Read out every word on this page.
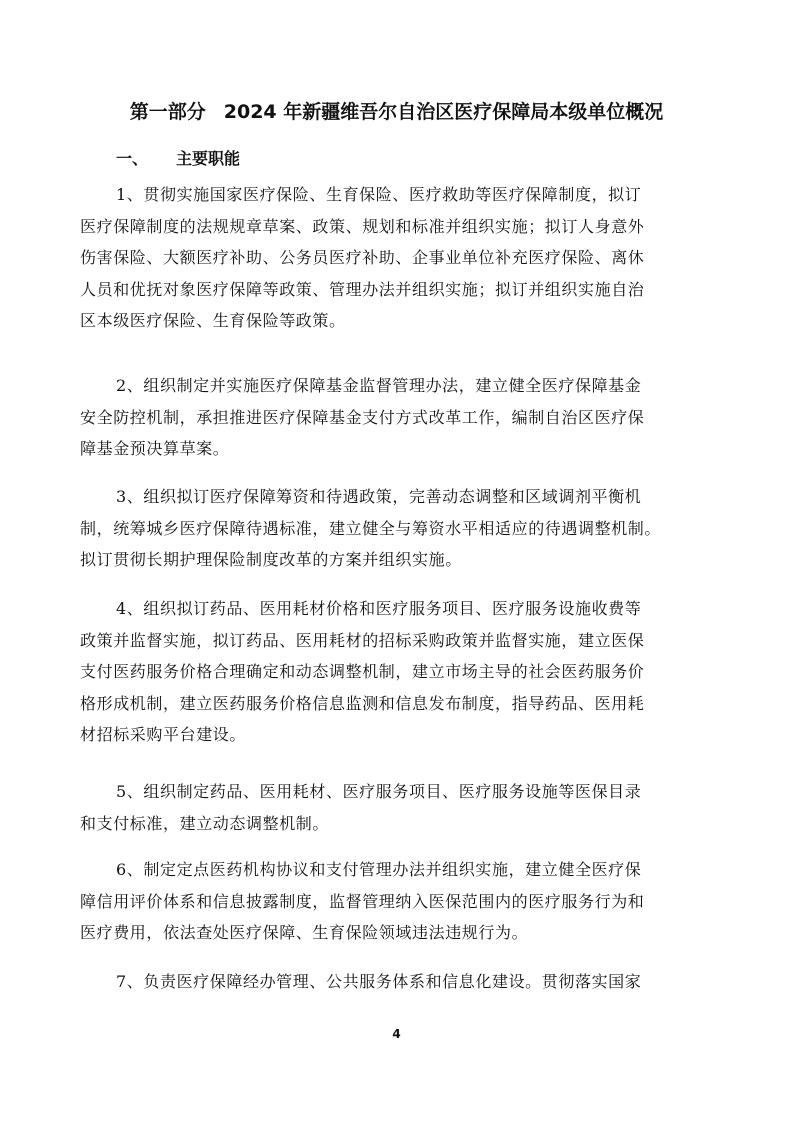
第一部分 2024 年新疆维吾尔自治区医疗保障局本级单位概况
一、 主要职能
1、贯彻实施国家医疗保险、生育保险、医疗救助等医疗保障制度，拟订
医疗保障制度的法规规章草案、政策、规划和标准并组织实施；拟订人身意外
伤害保险、大额医疗补助、公务员医疗补助、企事业单位补充医疗保险、离休
人员和优抚对象医疗保障等政策、管理办法并组织实施；拟订并组织实施自治
区本级医疗保险、生育保险等政策。
2、组织制定并实施医疗保障基金监督管理办法，建立健全医疗保障基金
安全防控机制，承担推进医疗保障基金支付方式改革工作，编制自治区医疗保
障基金预决算草案。
3、组织拟订医疗保障筹资和待遇政策，完善动态调整和区域调剂平衡机
制，统筹城乡医疗保障待遇标准，建立健全与筹资水平相适应的待遇调整机制。
拟订贯彻长期护理保险制度改革的方案并组织实施。
4、组织拟订药品、医用耗材价格和医疗服务项目、医疗服务设施收费等
政策并监督实施，拟订药品、医用耗材的招标采购政策并监督实施，建立医保
支付医药服务价格合理确定和动态调整机制，建立市场主导的社会医药服务价
格形成机制，建立医药服务价格信息监测和信息发布制度，指导药品、医用耗
材招标采购平台建设。
5、组织制定药品、医用耗材、医疗服务项目、医疗服务设施等医保目录
和支付标准，建立动态调整机制。
6、制定定点医药机构协议和支付管理办法并组织实施，建立健全医疗保
障信用评价体系和信息披露制度，监督管理纳入医保范围内的医疗服务行为和
医疗费用，依法查处医疗保障、生育保险领域违法违规行为。
7、负责医疗保障经办管理、公共服务体系和信息化建设。贯彻落实国家
4
